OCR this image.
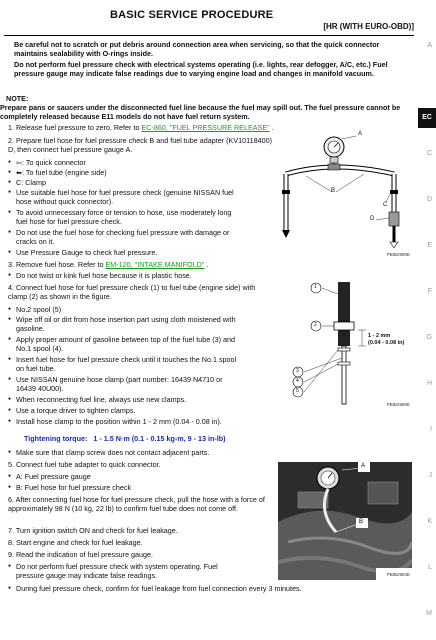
BASIC SERVICE PROCEDURE
[HR (WITH EURO-OBD)]
A
C
D
E
F
G
H
I
J
K
L
M
EC
Be careful not to scratch or put debris around connection area when servicing, so that the quick connector maintains sealability with O-rings inside.
Do not perform fuel pressure check with electrical systems operating (i.e. lights, rear defogger, A/C, etc.) Fuel pressure gauge may indicate false readings due to varying engine load and changes in manifold vacuum.
NOTE:
Prepare pans or saucers under the disconnected fuel line because the fuel may spill out. The fuel pressure cannot be completely released because E11 models do not have fuel return system.
1. Release fuel pressure to zero. Refer to EC-860, "FUEL PRESSURE RELEASE" .
2. Prepare fuel hose for fuel pressure check B and fuel tube adapter (KV10118400) D, then connect fuel pressure gauge A.
● ⇦: To quick connector
● ⬅: To fuel tube (engine side)
● C: Clamp
● Use suitable fuel hose for fuel pressure check (genuine NISSAN fuel hose without quick connector).
● To avoid unnecessary force or tension to hose, use moderately long fuel hose for fuel pressure check.
● Do not use the fuel hose for checking fuel pressure with damage or cracks on it.
● Use Pressure Gauge to check fuel pressure.
A
B
C
D
PBIB2980E
3. Remove fuel hose. Refer to EM-120, "INTAKE MANIFOLD" .
● Do not twist or kink fuel hose because it is plastic hose.
4. Connect fuel hose for fuel pressure check (1) to fuel tube (engine side) with clamp (2) as shown in the figure.
● No.2 spool (5)
● Wipe off oil or dirt from hose insertion part using cloth moistened with gasoline.
● Apply proper amount of gasoline between top of the fuel tube (3) and No.1 spool (4).
● Insert fuel hose for fuel pressure check until it touches the No.1 spool on fuel tube.
● Use NISSAN genuine hose clamp (part number: 16439 N4710 or 16439 40U00).
● When reconnecting fuel line, always use new clamps.
● Use a torque driver to tighten clamps.
● Install hose clamp to the position within 1 - 2 mm (0.04 - 0.08 in).
1
2
3
4
5
1 - 2 mm
(0.04 - 0.08 in)
PBIB2980E
Tightening torque: 1 - 1.5 N·m (0.1 - 0.15 kg-m, 9 - 13 in-lb)
● Make sure that clamp screw does not contact adjacent parts.
5. Connect fuel tube adapter to quick connector.
● A: Fuel pressure gauge
● B: Fuel hose for fuel pressure check
6. After connecting fuel hose for fuel pressure check, pull the hose with a force of approximately 98 N (10 kg, 22 lb) to confirm fuel tube does not come off.
7. Turn ignition switch ON and check for fuel leakage.
8. Start engine and check for fuel leakage.
9. Read the indication of fuel pressure gauge.
● Do not perform fuel pressure check with system operating. Fuel pressure gauge may indicate false readings.
● During fuel pressure check, confirm for fuel leakage from fuel connection every 3 minutes.
A
B
PBIB2984E
